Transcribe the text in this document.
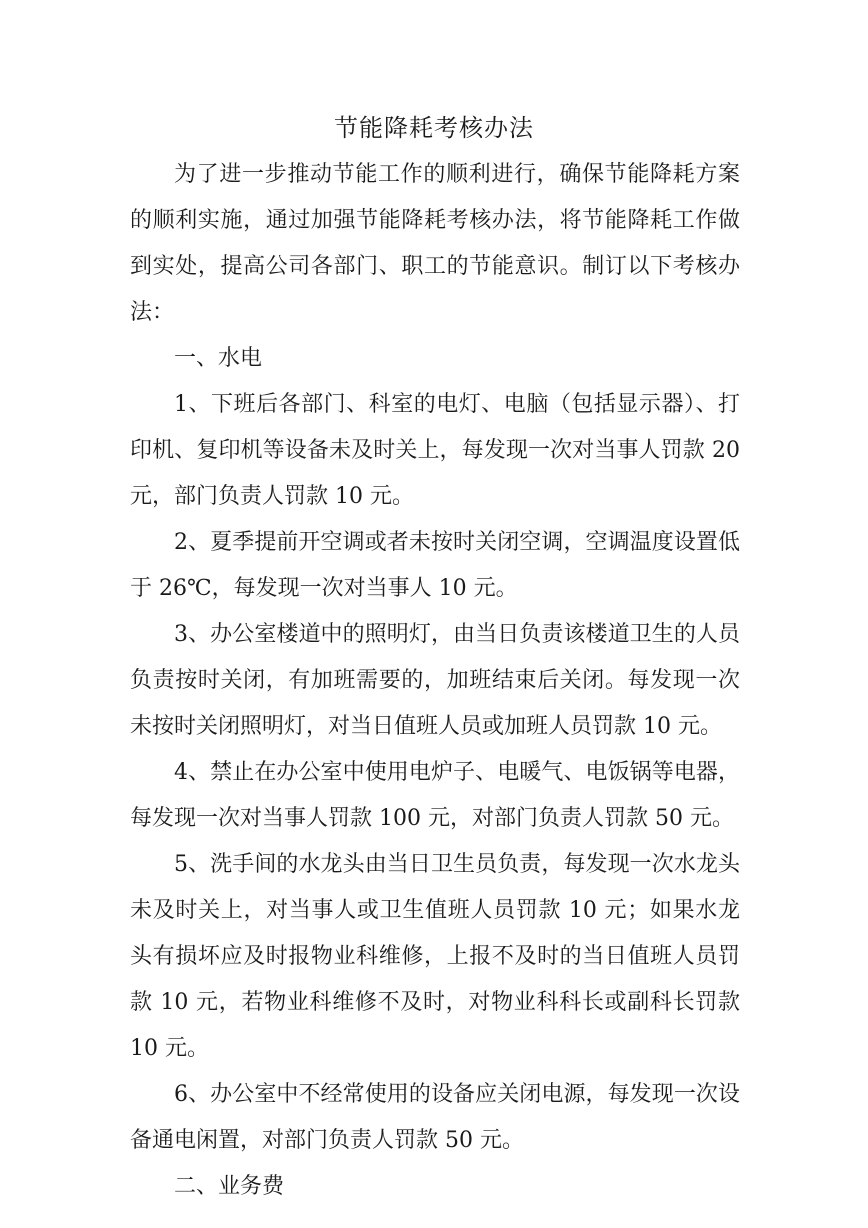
节能降耗考核办法

为了进一步推动节能工作的顺利进行，确保节能降耗方案的顺利实施，通过加强节能降耗考核办法，将节能降耗工作做到实处，提高公司各部门、职工的节能意识。制订以下考核办法：

一、水电

1、下班后各部门、科室的电灯、电脑（包括显示器）、打印机、复印机等设备未及时关上，每发现一次对当事人罚款 20 元，部门负责人罚款 10 元。

2、夏季提前开空调或者未按时关闭空调，空调温度设置低于 26℃，每发现一次对当事人 10 元。

3、办公室楼道中的照明灯，由当日负责该楼道卫生的人员负责按时关闭，有加班需要的，加班结束后关闭。每发现一次未按时关闭照明灯，对当日值班人员或加班人员罚款 10 元。

4、禁止在办公室中使用电炉子、电暖气、电饭锅等电器，每发现一次对当事人罚款 100 元，对部门负责人罚款 50 元。

5、洗手间的水龙头由当日卫生员负责，每发现一次水龙头未及时关上，对当事人或卫生值班人员罚款 10 元；如果水龙头有损坏应及时报物业科维修，上报不及时的当日值班人员罚款 10 元，若物业科维修不及时，对物业科科长或副科长罚款 10 元。

6、办公室中不经常使用的设备应关闭电源，每发现一次设备通电闲置，对部门负责人罚款 50 元。

二、业务费
